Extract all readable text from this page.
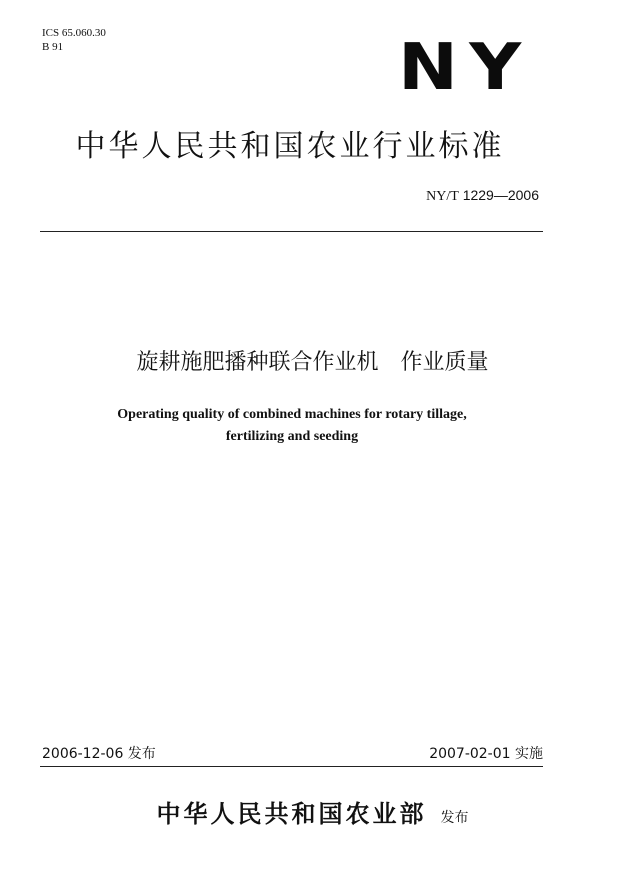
ICS 65.060.30
B 91	NY
中华人民共和国农业行业标准
NY/T 1229—2006
旋耕施肥播种联合作业机 作业质量
Operating quality of combined machines for rotary tillage,
fertilizing and seeding
2006-12-06 发布	2007-02-01 实施
中华人民共和国农业部 发布
